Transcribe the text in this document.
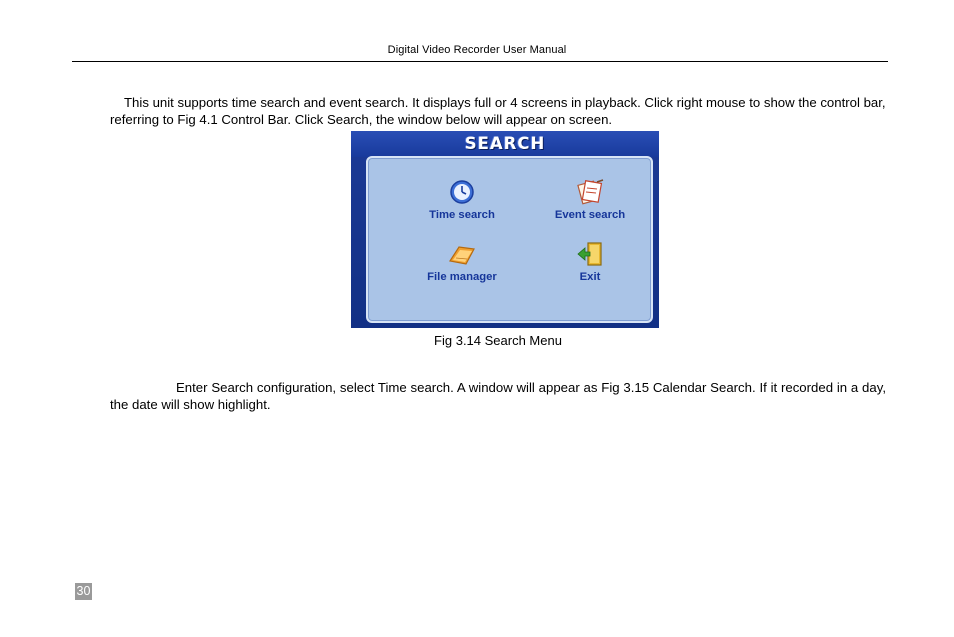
Digital Video Recorder User Manual

This unit supports time search and event search. It displays full or 4 screens in playback. Click right mouse to show the control bar, referring to Fig 4.1 Control Bar. Click Search, the window below will appear on screen.

SEARCH
Time search	Event search
File manager	Exit
Fig 3.14 Search Menu

Enter Search configuration, select Time search. A window will appear as Fig 3.15 Calendar Search. If it recorded in a day, the date will show highlight.

30
